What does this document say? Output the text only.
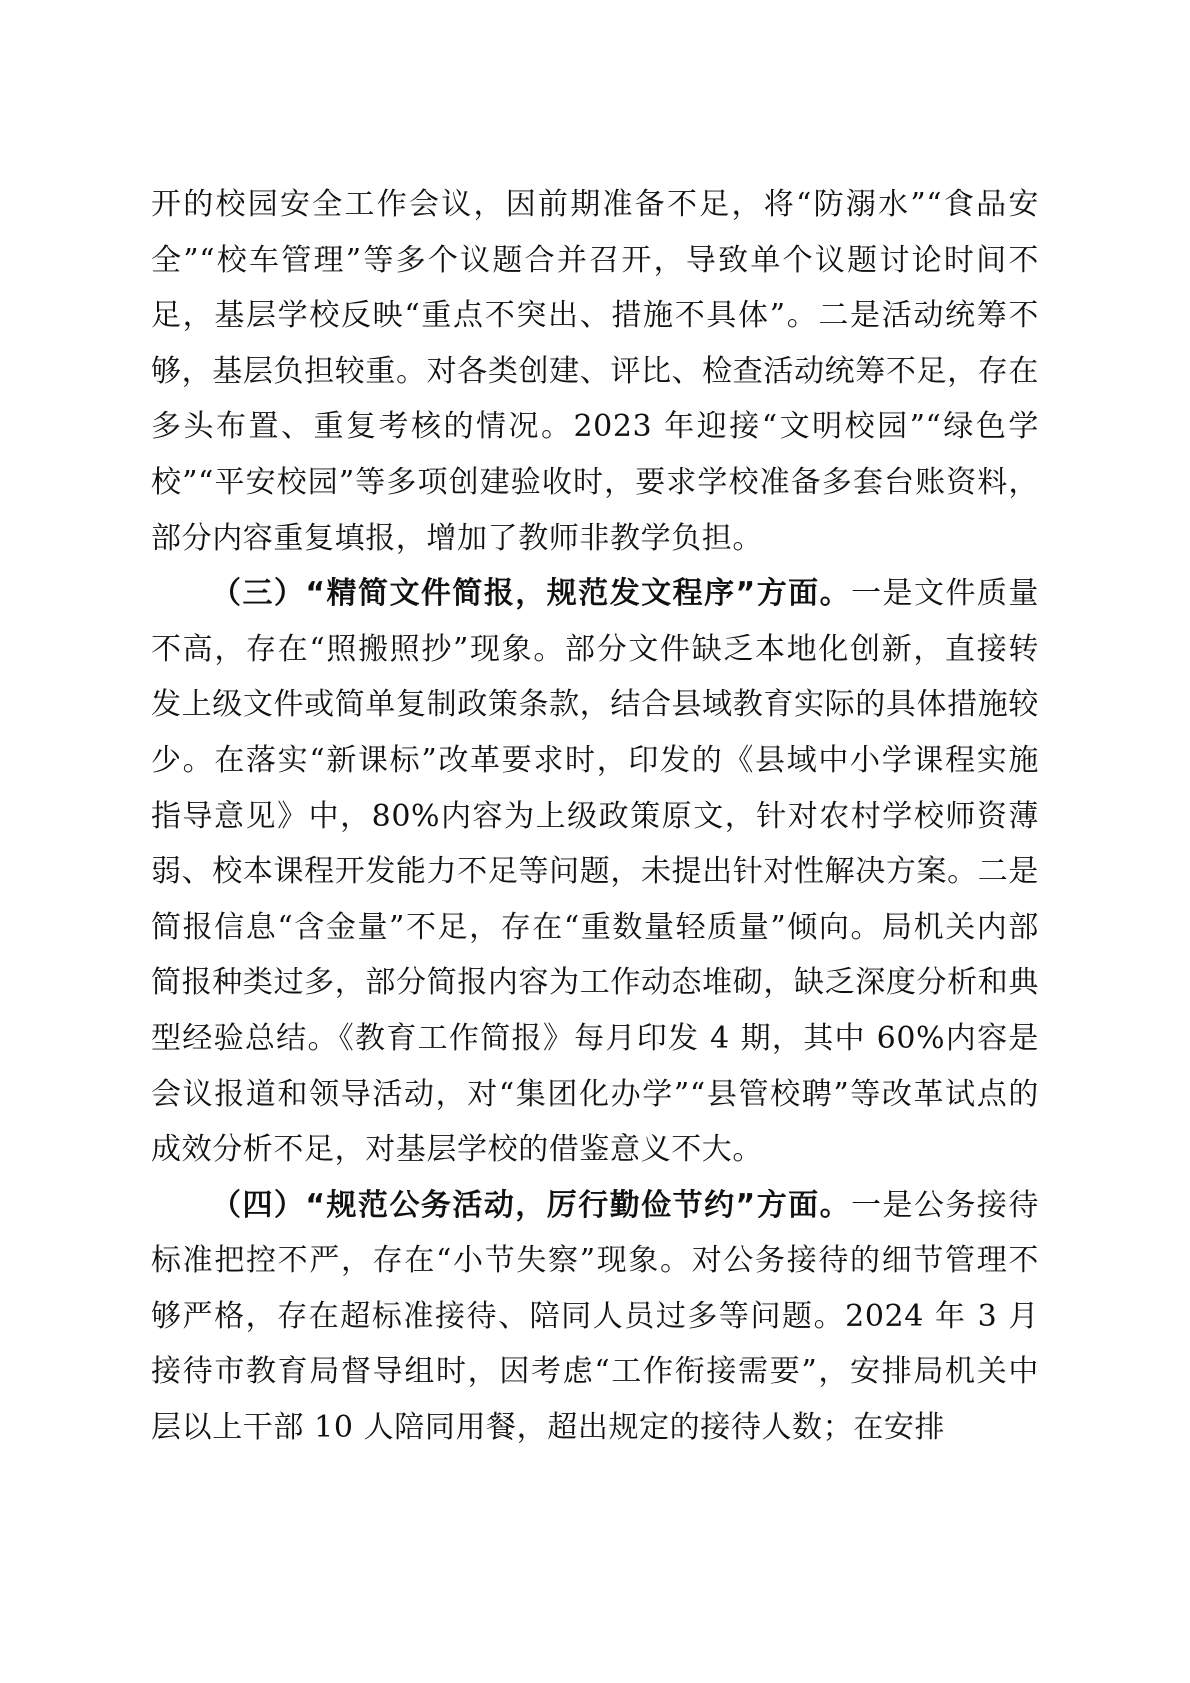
开的校园安全工作会议，因前期准备不足，将“防溺水”“食品安全”“校车管理”等多个议题合并召开，导致单个议题讨论时间不足，基层学校反映“重点不突出、措施不具体”。二是活动统筹不够，基层负担较重。对各类创建、评比、检查活动统筹不足，存在多头布置、重复考核的情况。2023 年迎接“文明校园”“绿色学校”“平安校园”等多项创建验收时，要求学校准备多套台账资料，部分内容重复填报，增加了教师非教学负担。

（三）“精简文件简报，规范发文程序”方面。一是文件质量不高，存在“照搬照抄”现象。部分文件缺乏本地化创新，直接转发上级文件或简单复制政策条款，结合县域教育实际的具体措施较少。在落实“新课标”改革要求时，印发的《县域中小学课程实施指导意见》中，80%内容为上级政策原文，针对农村学校师资薄弱、校本课程开发能力不足等问题，未提出针对性解决方案。二是简报信息“含金量”不足，存在“重数量轻质量”倾向。局机关内部简报种类过多，部分简报内容为工作动态堆砌，缺乏深度分析和典型经验总结。《教育工作简报》每月印发 4 期，其中 60%内容是会议报道和领导活动，对“集团化办学”“县管校聘”等改革试点的成效分析不足，对基层学校的借鉴意义不大。

（四）“规范公务活动，厉行勤俭节约”方面。一是公务接待标准把控不严，存在“小节失察”现象。对公务接待的细节管理不够严格，存在超标准接待、陪同人员过多等问题。2024 年 3 月接待市教育局督导组时，因考虑“工作衔接需要”，安排局机关中层以上干部 10 人陪同用餐，超出规定的接待人数；在安排
